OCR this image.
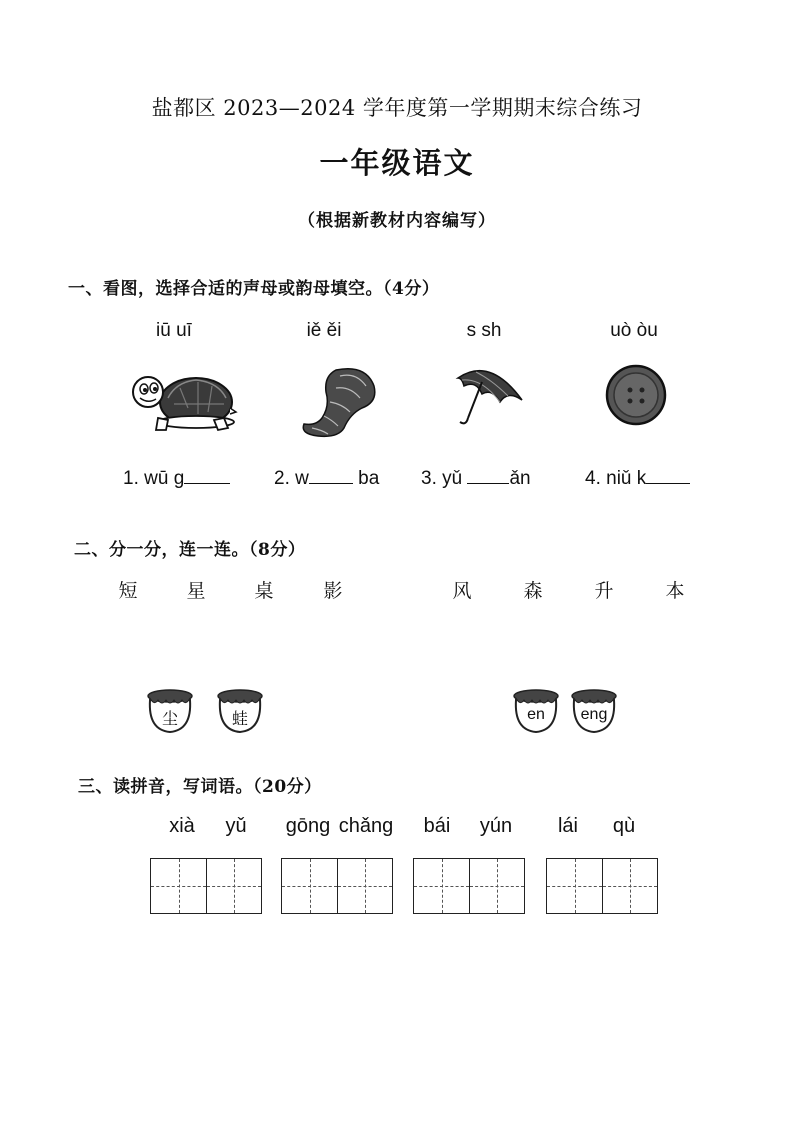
盐都区 2023—2024 学年度第一学期期末综合练习
一年级语文
（根据新教材内容编写）
一、看图，选择合适的声母或韵母填空。（4分）
iū uī	iě ěi	s sh	uò òu
1. wū g	2. w ba 3. yǔ ǎn	4. niǔ k
二、分一分，连一连。（8分）
短	星	桌	影	风	森	升	本
尘	蛙	en	eng
三、读拼音，写词语。（20分）
xià	yǔ	gōng chǎng	bái	yún	lái	qù
